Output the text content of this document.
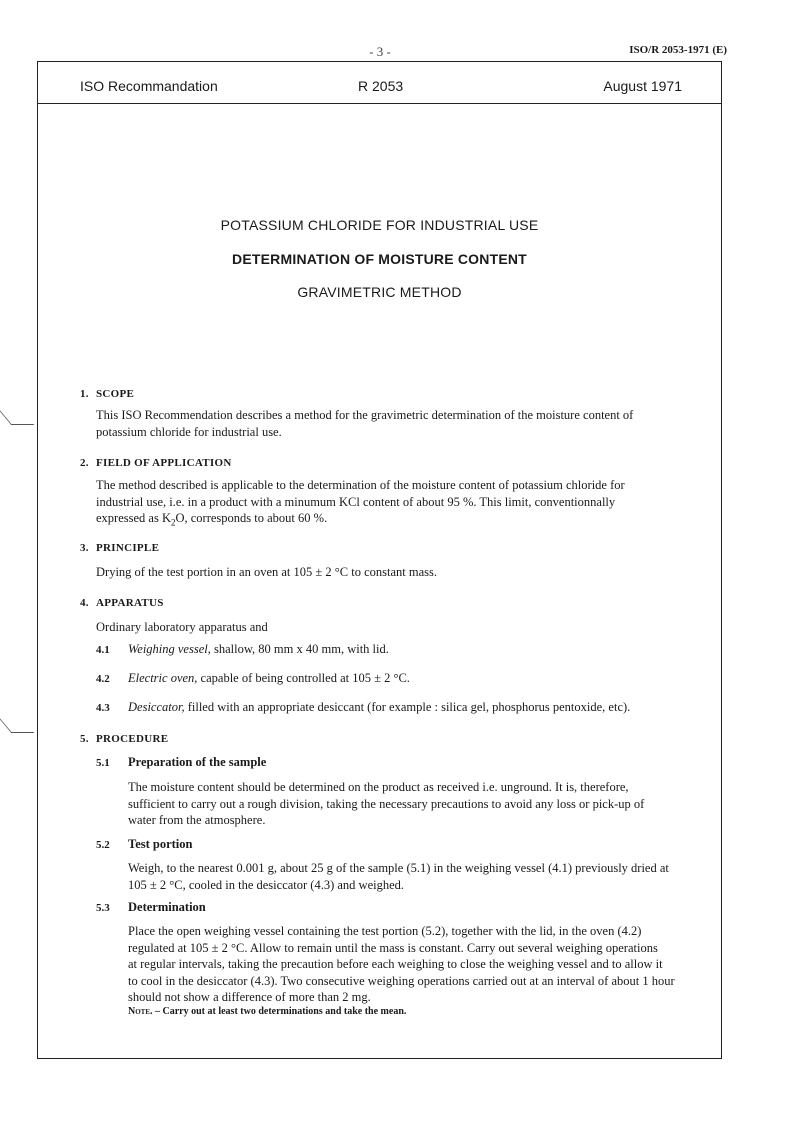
- 3 -	ISO/R 2053-1971 (E)
ISO Recommandation	R 2053	August 1971
POTASSIUM CHLORIDE FOR INDUSTRIAL USE
DETERMINATION OF MOISTURE CONTENT
GRAVIMETRIC METHOD
1. SCOPE
This ISO Recommendation describes a method for the gravimetric determination of the moisture content of
potassium chloride for industrial use.
2. FIELD OF APPLICATION
The method described is applicable to the determination of the moisture content of potassium chloride for
industrial use, i.e. in a product with a minumum KCl content of about 95 %. This limit, conventionnally
expressed as $K_2O$, corresponds to about 60 %.
3. PRINCIPLE
Drying of the test portion in an oven at 105 ± 2 °C to constant mass.
4. APPARATUS
Ordinary laboratory apparatus and
4.1 Weighing vessel, shallow, 80 mm x 40 mm, with lid.
4.2 Electric oven, capable of being controlled at 105 ± 2 °C.
4.3 Desiccator, filled with an appropriate desiccant (for example : silica gel, phosphorus pentoxide, etc).
5. PROCEDURE
5.1 Preparation of the sample
The moisture content should be determined on the product as received i.e. unground. It is, therefore,
sufficient to carry out a rough division, taking the necessary precautions to avoid any loss or pick-up of
water from the atmosphere.
5.2 Test portion
Weigh, to the nearest 0.001 g, about 25 g of the sample (5.1) in the weighing vessel (4.1) previously dried at
105 ± 2 °C, cooled in the desiccator (4.3) and weighed.
5.3 Determination
Place the open weighing vessel containing the test portion (5.2), together with the lid, in the oven (4.2)
regulated at 105 ± 2 °C. Allow to remain until the mass is constant. Carry out several weighing operations
at regular intervals, taking the precaution before each weighing to close the weighing vessel and to allow it
to cool in the desiccator (4.3). Two consecutive weighing operations carried out at an interval of about 1 hour
should not show a difference of more than 2 mg.
Note. – Carry out at least two determinations and take the mean.
